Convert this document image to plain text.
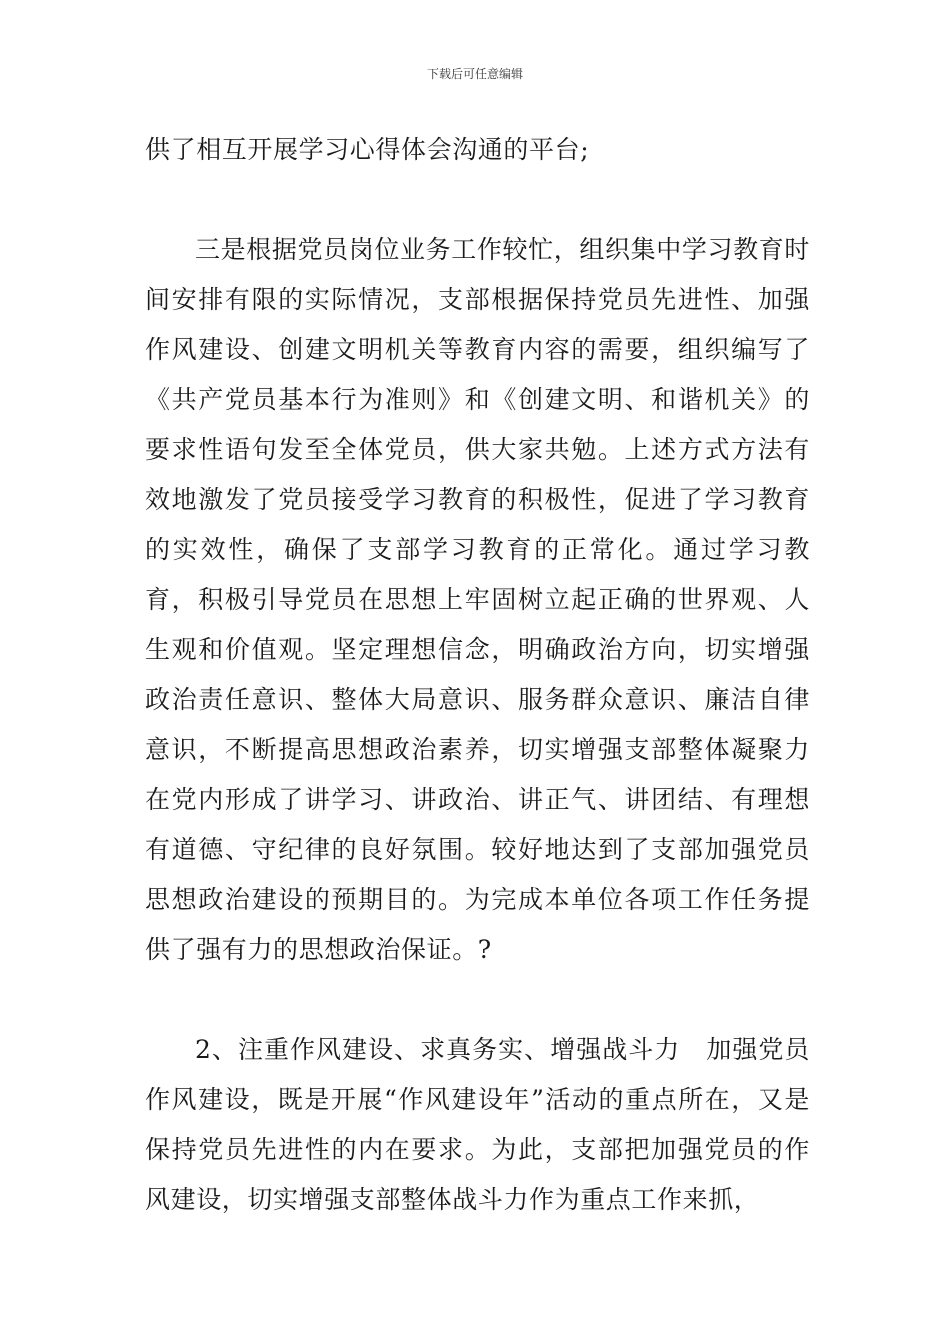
下载后可任意编辑

供了相互开展学习心得体会沟通的平台;

三是根据党员岗位业务工作较忙，组织集中学习教育时间安排有限的实际情况，支部根据保持党员先进性、加强作风建设、创建文明机关等教育内容的需要，组织编写了《共产党员基本行为准则》和《创建文明、和谐机关》的要求性语句发至全体党员，供大家共勉。上述方式方法有效地激发了党员接受学习教育的积极性，促进了学习教育的实效性，确保了支部学习教育的正常化。通过学习教育，积极引导党员在思想上牢固树立起正确的世界观、人生观和价值观。坚定理想信念，明确政治方向，切实增强政治责任意识、整体大局意识、服务群众意识、廉洁自律意识，不断提高思想政治素养，切实增强支部整体凝聚力在党内形成了讲学习、讲政治、讲正气、讲团结、有理想有道德、守纪律的良好氛围。较好地达到了支部加强党员思想政治建设的预期目的。为完成本单位各项工作任务提供了强有力的思想政治保证。?

2、注重作风建设、求真务实、增强战斗力　加强党员作风建设，既是开展“作风建设年”活动的重点所在，又是保持党员先进性的内在要求。为此，支部把加强党员的作风建设，切实增强支部整体战斗力作为重点工作来抓，
